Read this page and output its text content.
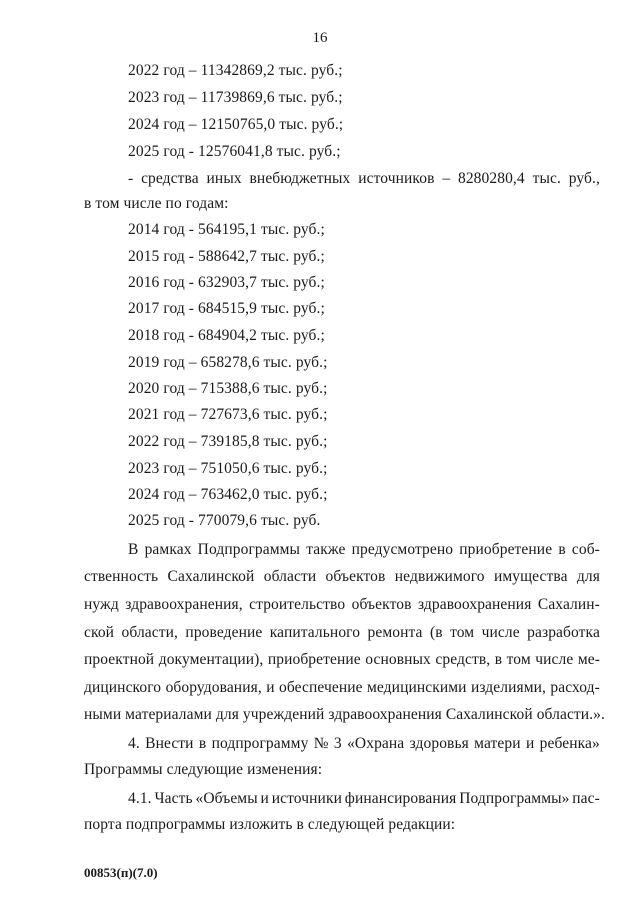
16
2022 год – 11342869,2 тыс. руб.;
2023 год – 11739869,6 тыс. руб.;
2024 год – 12150765,0 тыс. руб.;
2025 год - 12576041,8 тыс. руб.;
- средства иных внебюджетных источников – 8280280,4 тыс. руб.,
в том числе по годам:
2014 год - 564195,1 тыс. руб.;
2015 год - 588642,7 тыс. руб.;
2016 год - 632903,7 тыс. руб.;
2017 год - 684515,9 тыс. руб.;
2018 год - 684904,2 тыс. руб.;
2019 год – 658278,6 тыс. руб.;
2020 год – 715388,6 тыс. руб.;
2021 год – 727673,6 тыс. руб.;
2022 год – 739185,8 тыс. руб.;
2023 год – 751050,6 тыс. руб.;
2024 год – 763462,0 тыс. руб.;
2025 год - 770079,6 тыс. руб.
В рамках Подпрограммы также предусмотрено приобретение в соб-
ственность Сахалинской области объектов недвижимого имущества для
нужд здравоохранения, строительство объектов здравоохранения Сахалин-
ской области, проведение капитального ремонта (в том числе разработка
проектной документации), приобретение основных средств, в том числе ме-
дицинского оборудования, и обеспечение медицинскими изделиями, расход-
ными материалами для учреждений здравоохранения Сахалинской области.».
4. Внести в подпрограмму № 3 «Охрана здоровья матери и ребенка»
Программы следующие изменения:
4.1. Часть «Объемы и источники финансирования Подпрограммы» пас-
порта подпрограммы изложить в следующей редакции:
00853(п)(7.0)
